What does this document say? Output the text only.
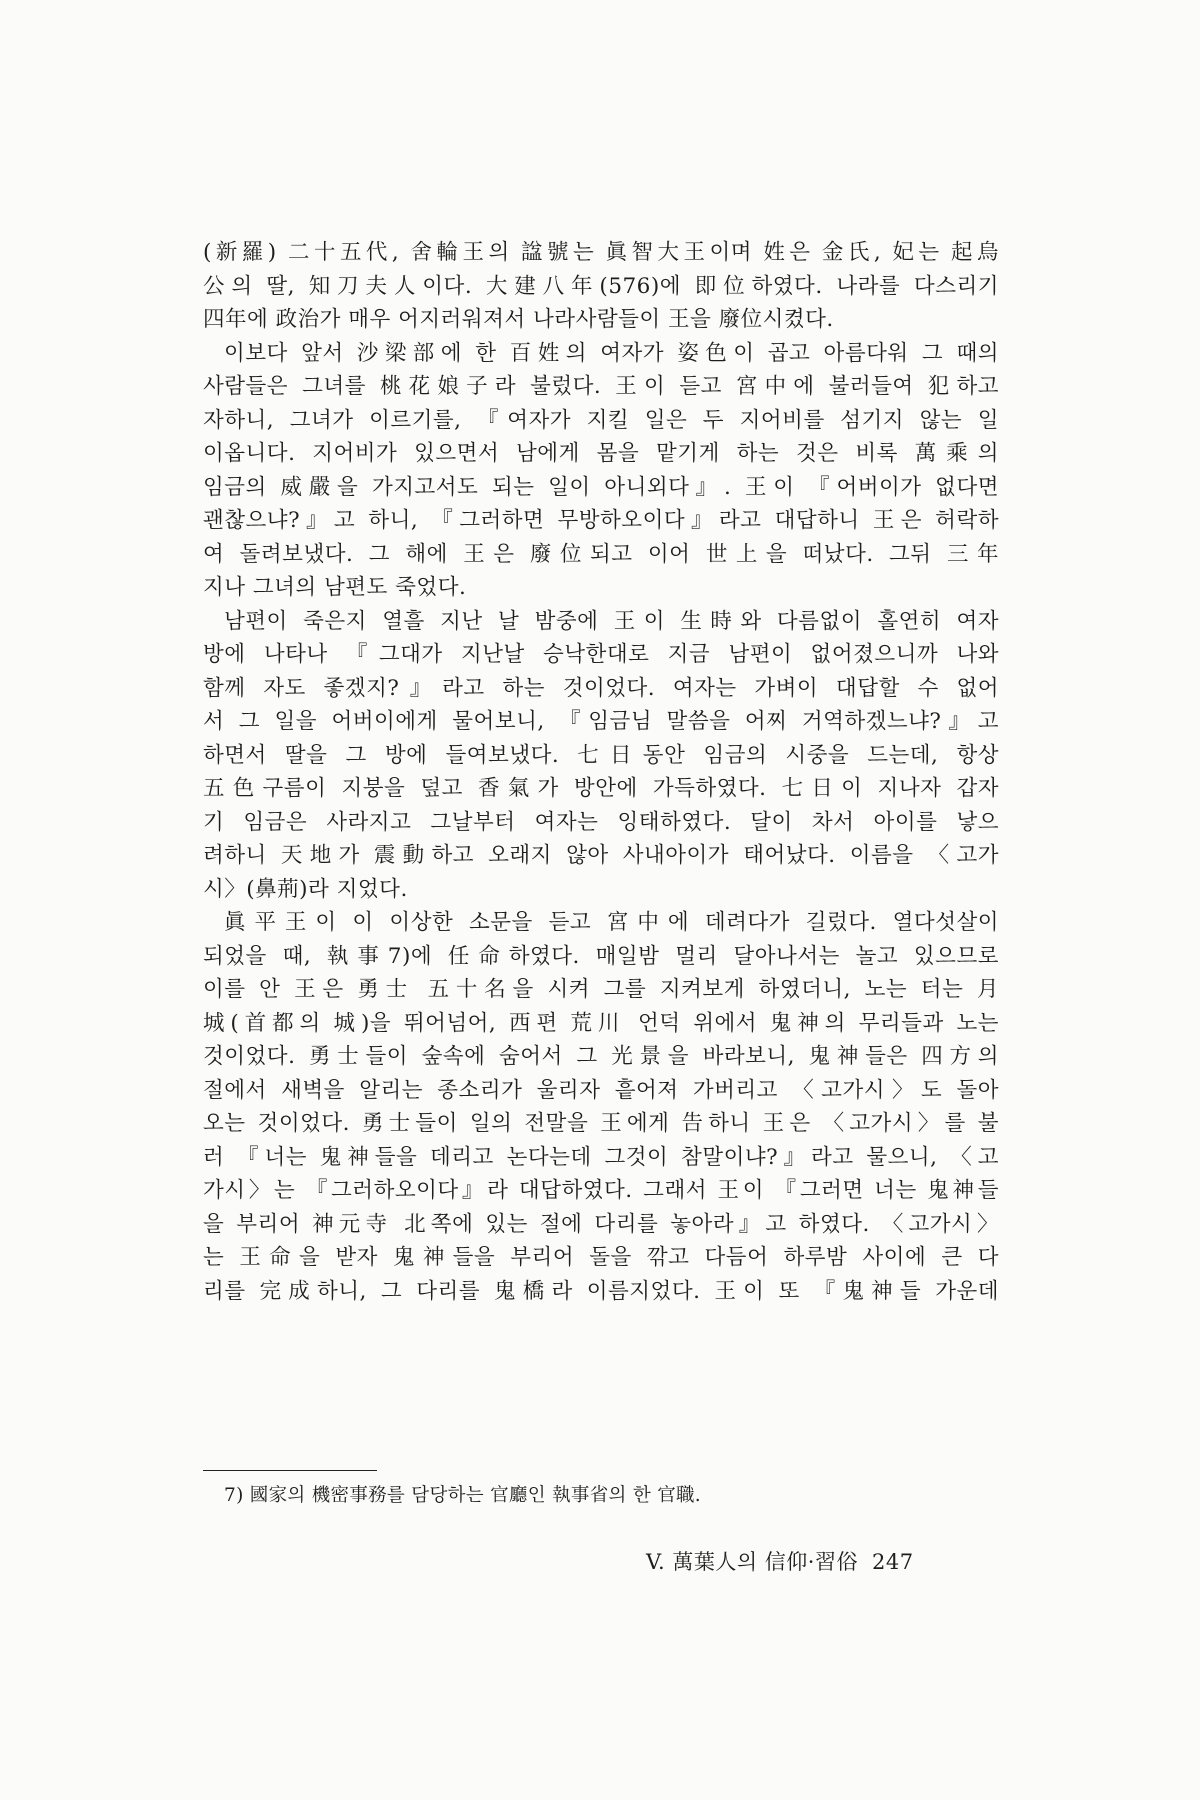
(新羅) 二十五代, 舍輪王의 諡號는 眞智大王이며 姓은 金氏, 妃는 起烏
公의 딸, 知刀夫人이다. 大建八年(576)에 即位하였다. 나라를 다스리기
四年에 政治가 매우 어지러워져서 나라사람들이 王을 廢位시켰다.
이보다 앞서 沙梁部에 한 百姓의 여자가 姿色이 곱고 아름다워 그 때의
사람들은 그녀를 桃花娘子라 불렀다. 王이 듣고 宮中에 불러들여 犯하고
자하니, 그녀가 이르기를, 『여자가 지킬 일은 두 지어비를 섬기지 않는 일
이옵니다. 지어비가 있으면서 남에게 몸을 맡기게 하는 것은 비록 萬乘의
임금의 威嚴을 가지고서도 되는 일이 아니외다』. 王이 『어버이가 없다면
괜찮으냐?』고 하니, 『그러하면 무방하오이다』라고 대답하니 王은 허락하
여 돌려보냈다. 그 해에 王은 廢位되고 이어 世上을 떠났다. 그뒤 三年
지나 그녀의 남편도 죽었다.
남편이 죽은지 열흘 지난 날 밤중에 王이 生時와 다름없이 홀연히 여자
방에 나타나 『그대가 지난날 승낙한대로 지금 남편이 없어졌으니까 나와
함께 자도 좋겠지?』라고 하는 것이었다. 여자는 가벼이 대답할 수 없어
서 그 일을 어버이에게 물어보니, 『임금님 말씀을 어찌 거역하겠느냐?』고
하면서 딸을 그 방에 들여보냈다. 七日동안 임금의 시중을 드는데, 항상
五色구름이 지붕을 덮고 香氣가 방안에 가득하였다. 七日이 지나자 갑자
기 임금은 사라지고 그날부터 여자는 잉태하였다. 달이 차서 아이를 낳으
려하니 天地가 震動하고 오래지 않아 사내아이가 태어났다. 이름을 〈고가
시〉(鼻荊)라 지었다.
眞平王이 이 이상한 소문을 듣고 宮中에 데려다가 길렀다. 열다섯살이
되었을 때, 執事7)에 任命하였다. 매일밤 멀리 달아나서는 놀고 있으므로
이를 안 王은 勇士 五十名을 시켜 그를 지켜보게 하였더니, 노는 터는 月
城(首都의 城)을 뛰어넘어, 西편 荒川 언덕 위에서 鬼神의 무리들과 노는
것이었다. 勇士들이 숲속에 숨어서 그 光景을 바라보니, 鬼神들은 四方의
절에서 새벽을 알리는 종소리가 울리자 흩어져 가버리고 〈고가시〉도 돌아
오는 것이었다. 勇士들이 일의 전말을 王에게 告하니 王은 〈고가시〉를 불
러 『너는 鬼神들을 데리고 논다는데 그것이 참말이냐?』라고 물으니, 〈고
가시〉는 『그러하오이다』라 대답하였다. 그래서 王이 『그러면 너는 鬼神들
을 부리어 神元寺 北쪽에 있는 절에 다리를 놓아라』고 하였다. 〈고가시〉
는 王命을 받자 鬼神들을 부리어 돌을 깎고 다듬어 하루밤 사이에 큰 다
리를 完成하니, 그 다리를 鬼橋라 이름지었다. 王이 또 『鬼神들 가운데
7) 國家의 機密事務를 담당하는 官廳인 執事省의 한 官職.
V. 萬葉人의 信仰·習俗 247
